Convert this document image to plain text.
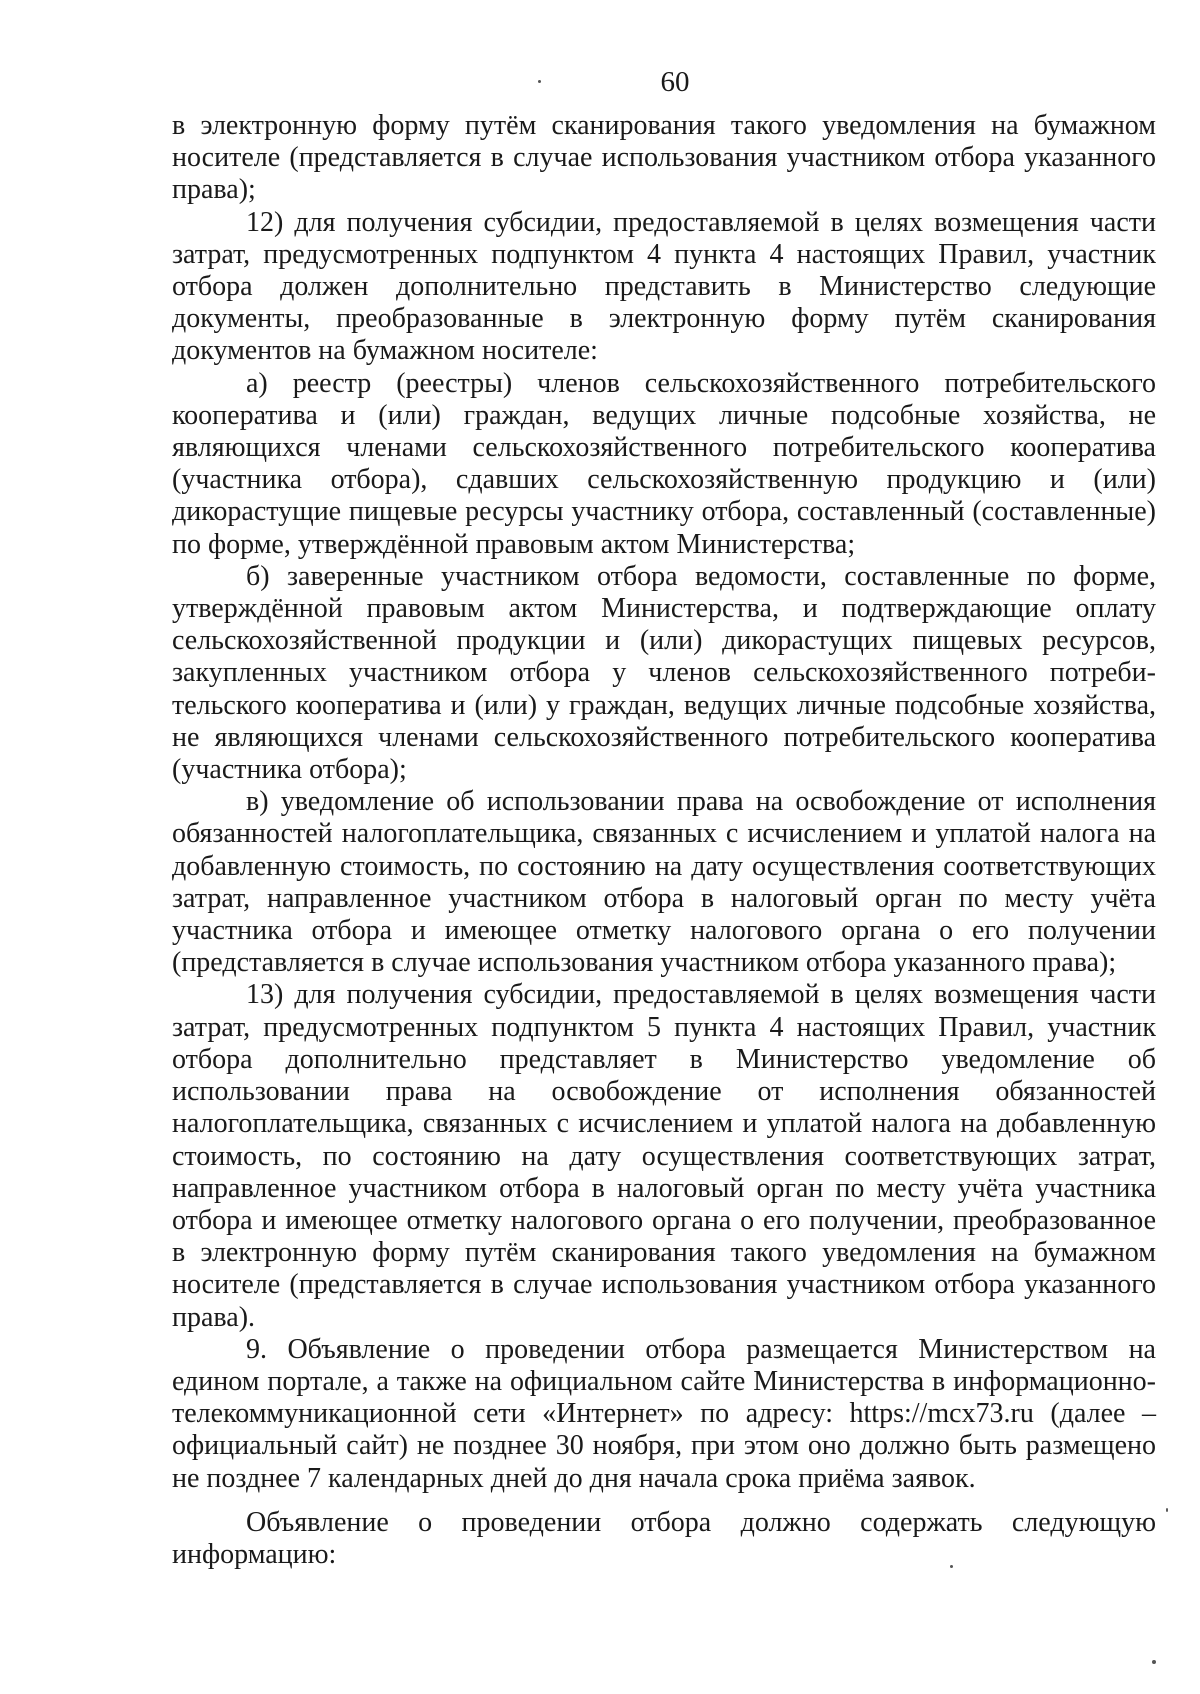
60

в электронную форму путём сканирования такого уведомления на бумажном носителе (представляется в случае использования участником отбора указанного права);

12) для получения субсидии, предоставляемой в целях возмещения части затрат, предусмотренных подпунктом 4 пункта 4 настоящих Правил, участник отбора должен дополнительно представить в Министерство следующие документы, преобразованные в электронную форму путём сканирования документов на бумажном носителе:

а) реестр (реестры) членов сельскохозяйственного потребительского кооператива и (или) граждан, ведущих личные подсобные хозяйства, не являющихся членами сельскохозяйственного потребительского кооператива (участника отбора), сдавших сельскохозяйственную продукцию и (или) дикорастущие пищевые ресурсы участнику отбора, составленный (составленные) по форме, утверждённой правовым актом Министерства;

б) заверенные участником отбора ведомости, составленные по форме, утверждённой правовым актом Министерства, и подтверждающие оплату сельскохозяйственной продукции и (или) дикорастущих пищевых ресурсов, закупленных участником отбора у членов сельскохозяйственного потребительского кооператива и (или) у граждан, ведущих личные подсобные хозяйства, не являющихся членами сельскохозяйственного потребительского кооператива (участника отбора);

в) уведомление об использовании права на освобождение от исполнения обязанностей налогоплательщика, связанных с исчислением и уплатой налога на добавленную стоимость, по состоянию на дату осуществления соответствующих затрат, направленное участником отбора в налоговый орган по месту учёта участника отбора и имеющее отметку налогового органа о его получении (представляется в случае использования участником отбора указанного права);

13) для получения субсидии, предоставляемой в целях возмещения части затрат, предусмотренных подпунктом 5 пункта 4 настоящих Правил, участник отбора дополнительно представляет в Министерство уведомление об использовании права на освобождение от исполнения обязанностей налогоплательщика, связанных с исчислением и уплатой налога на добавленную стоимость, по состоянию на дату осуществления соответствующих затрат, направленное участником отбора в налоговый орган по месту учёта участника отбора и имеющее отметку налогового органа о его получении, преобразованное в электронную форму путём сканирования такого уведомления на бумажном носителе (представляется в случае использования участником отбора указанного права).

9. Объявление о проведении отбора размещается Министерством на едином портале, а также на официальном сайте Министерства в информационно-телекоммуникационной сети «Интернет» по адресу: https://mcx73.ru (далее – официальный сайт) не позднее 30 ноября, при этом оно должно быть размещено не позднее 7 календарных дней до дня начала срока приёма заявок.

Объявление о проведении отбора должно содержать следующую информацию:
